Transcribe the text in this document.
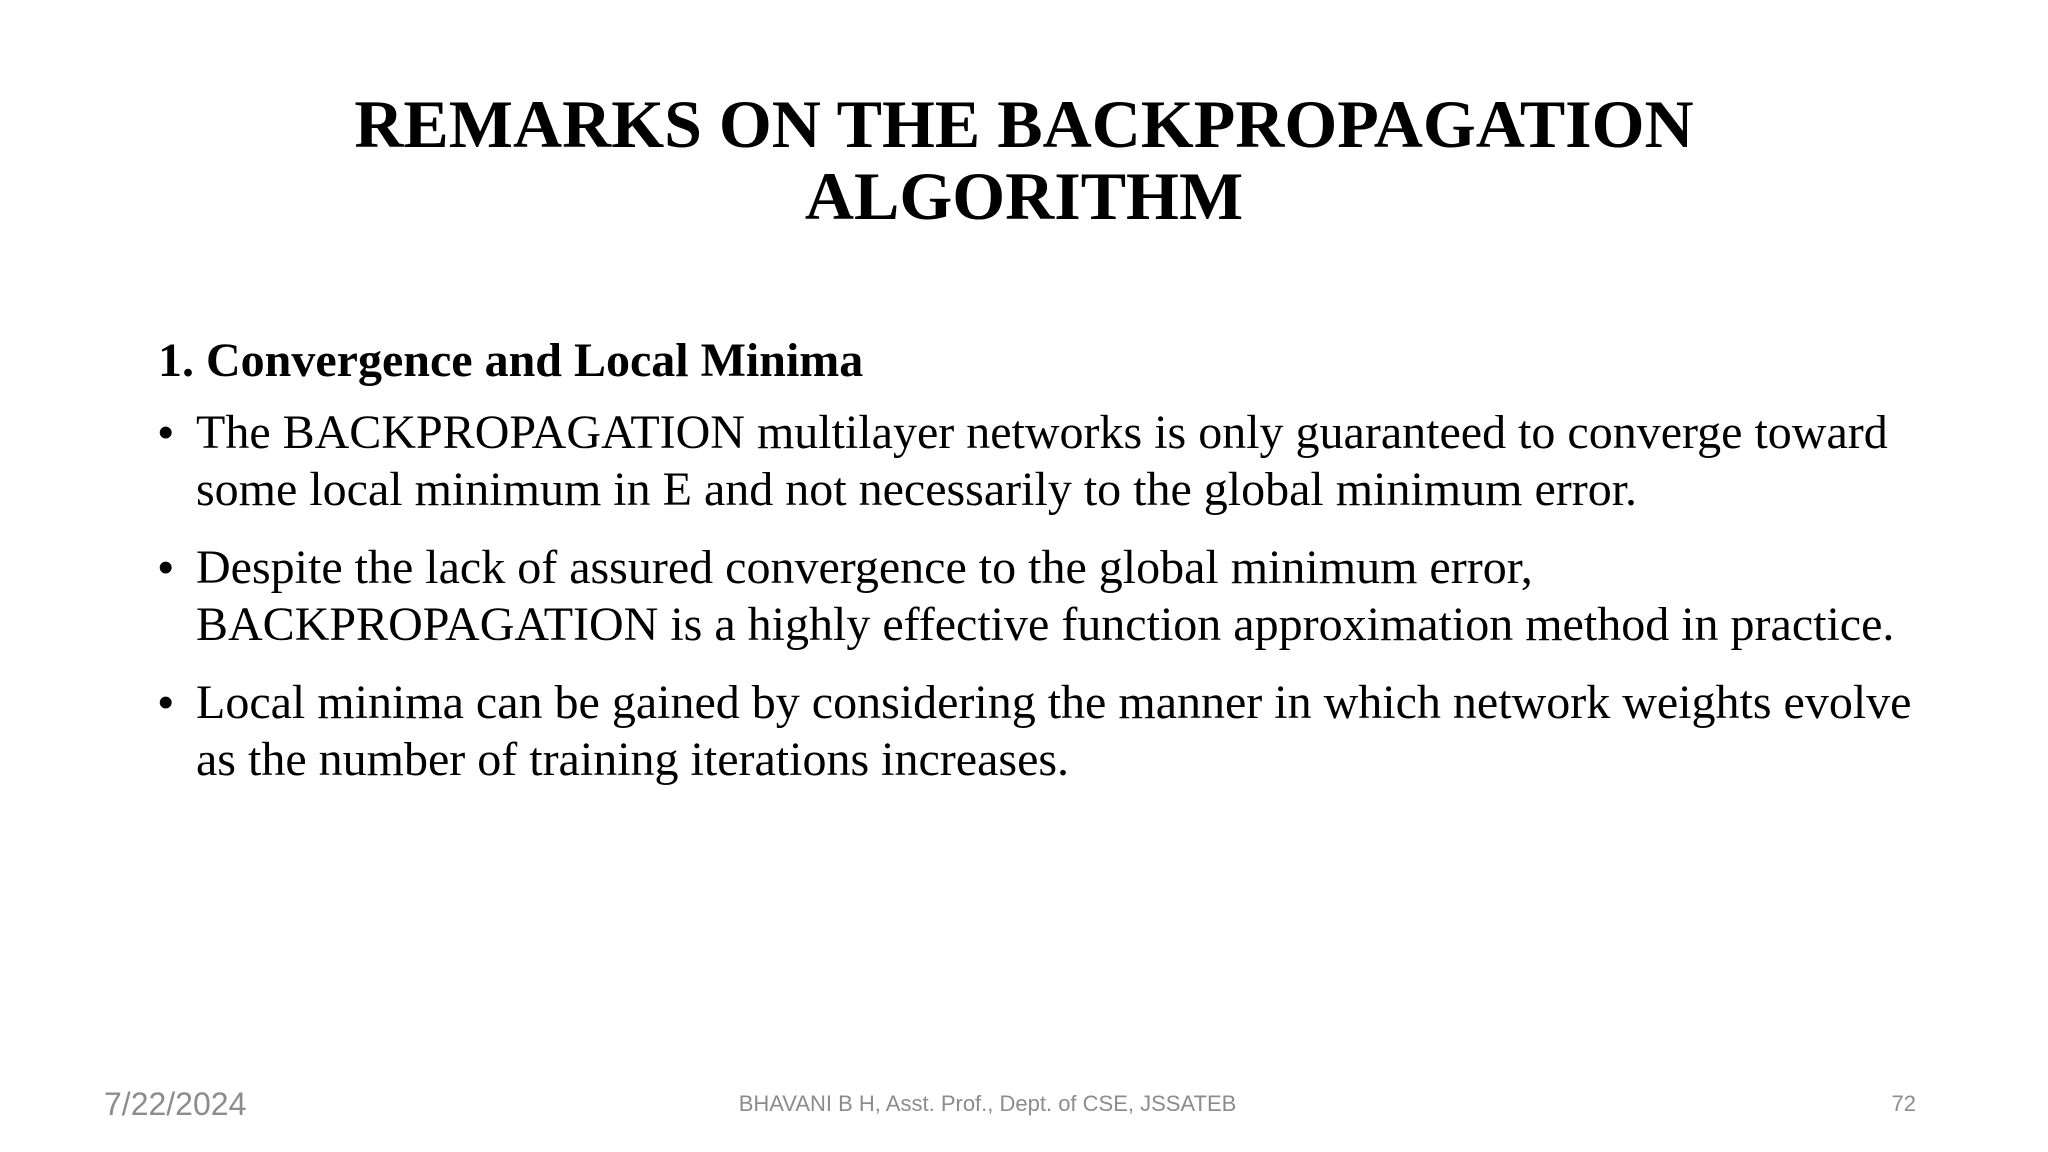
REMARKS ON THE BACKPROPAGATION
ALGORITHM

1. Convergence and Local Minima

• The BACKPROPAGATION multilayer networks is only guaranteed to converge toward some local minimum in E and not necessarily to the global minimum error.
• Despite the lack of assured convergence to the global minimum error, BACKPROPAGATION is a highly effective function approximation method in practice.
• Local minima can be gained by considering the manner in which network weights evolve as the number of training iterations increases.
7/22/2024	BHAVANI B H, Asst. Prof., Dept. of CSE, JSSATEB	72
